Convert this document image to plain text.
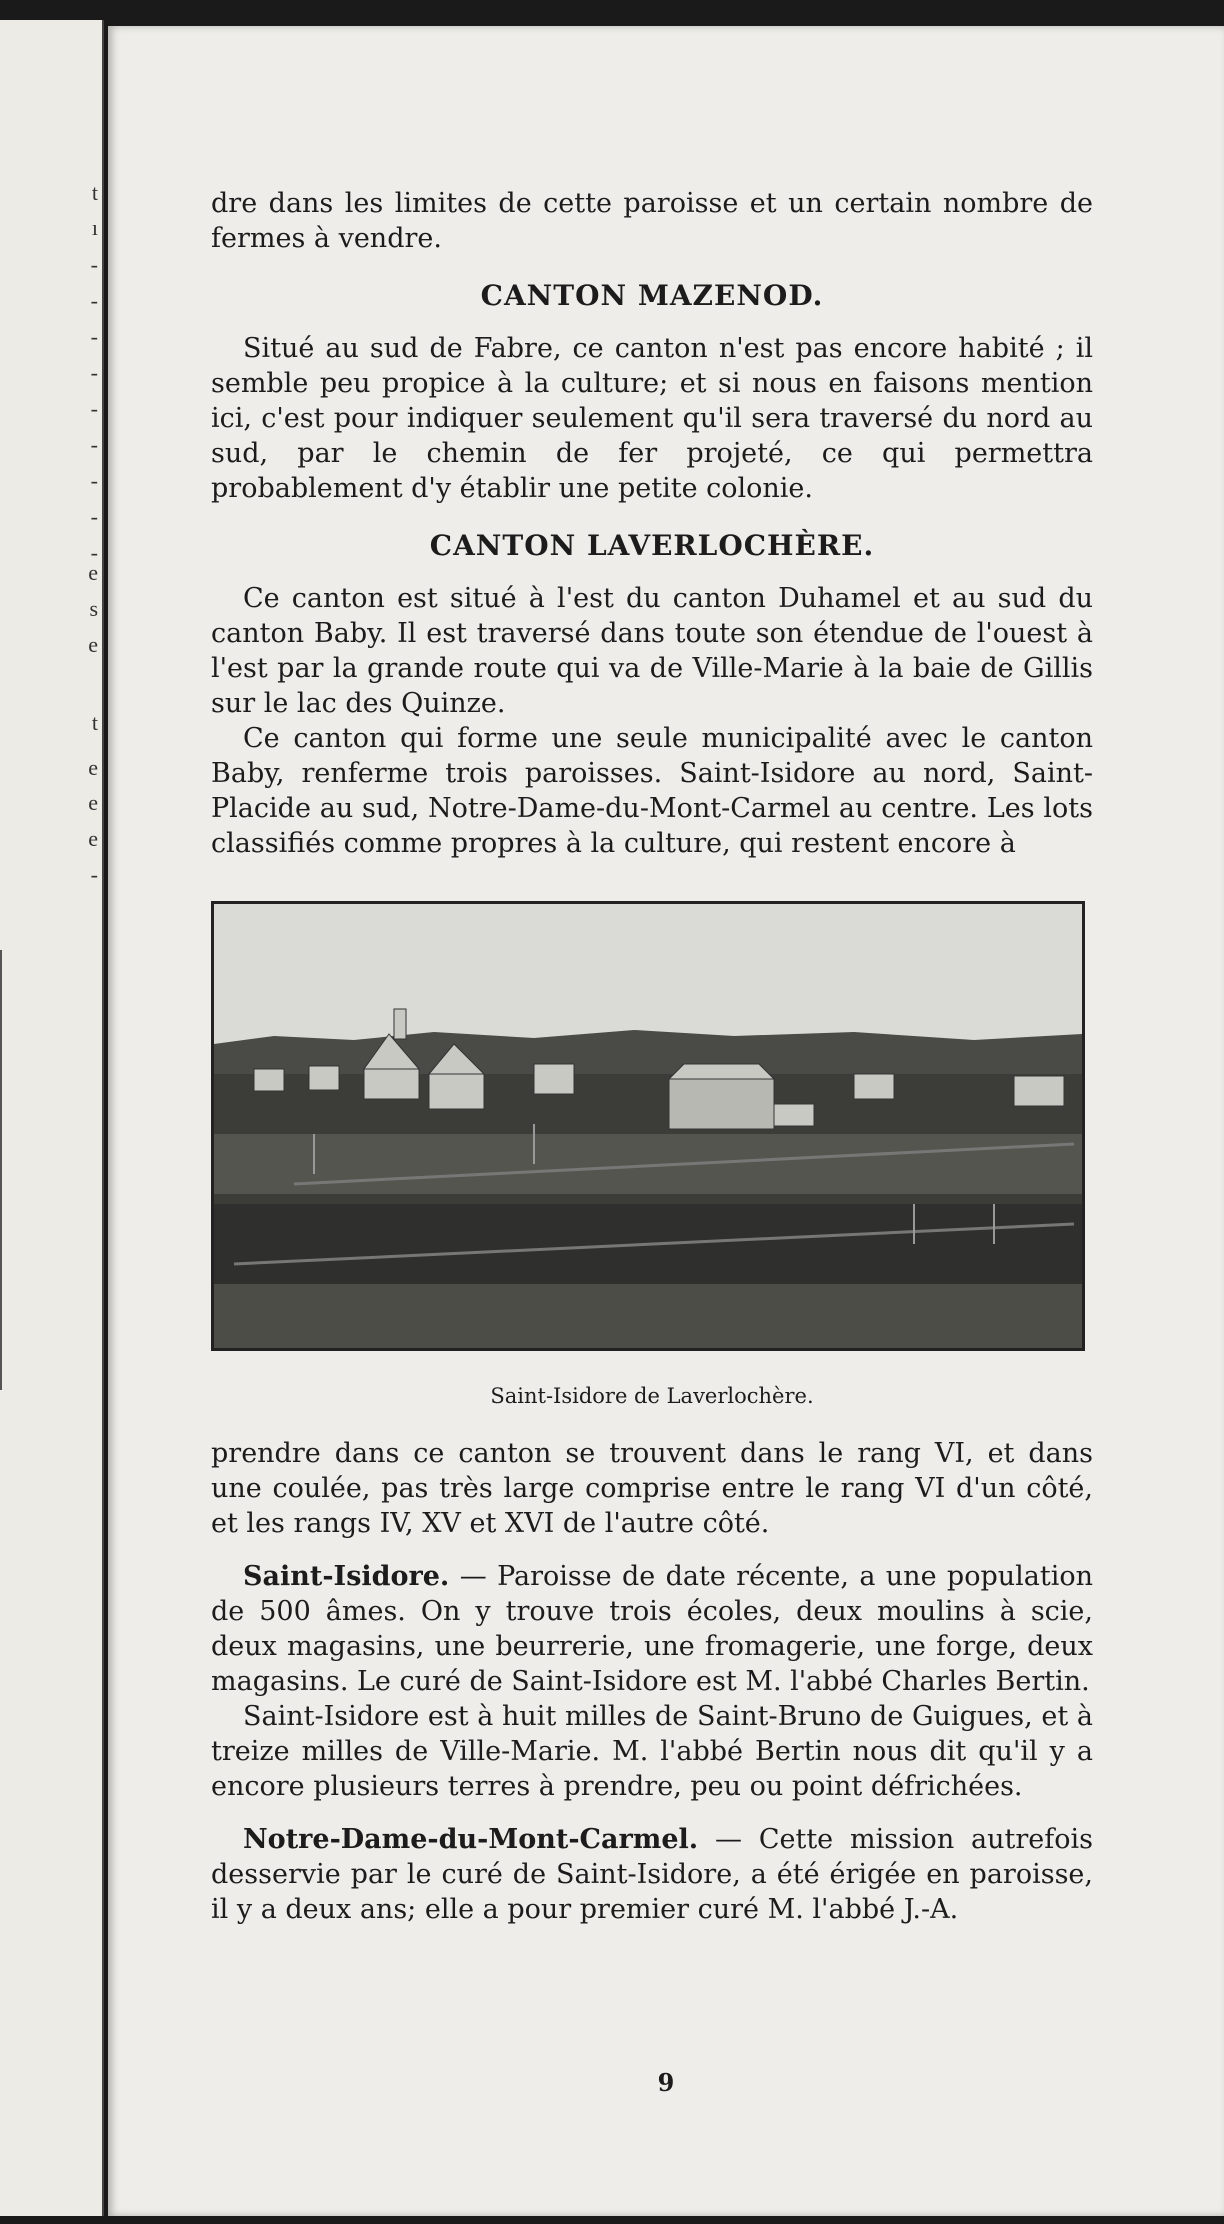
t
ı
-
-
-
-
-
-
-
-
-
e
s
e
t
e
e
e
-

dre dans les limites de cette paroisse et un certain nombre de fermes à vendre.

CANTON MAZENOD.

Situé au sud de Fabre, ce canton n'est pas encore habité ; il semble peu propice à la culture; et si nous en faisons mention ici, c'est pour indiquer seulement qu'il sera traversé du nord au sud, par le chemin de fer projeté, ce qui permettra probablement d'y établir une petite colonie.

CANTON LAVERLOCHÈRE.

Ce canton est situé à l'est du canton Duhamel et au sud du canton Baby. Il est traversé dans toute son étendue de l'ouest à l'est par la grande route qui va de Ville-Marie à la baie de Gillis sur le lac des Quinze.

Ce canton qui forme une seule municipalité avec le canton Baby, renferme trois paroisses. Saint-Isidore au nord, Saint-Placide au sud, Notre-Dame-du-Mont-Carmel au centre. Les lots classifiés comme propres à la culture, qui restent encore à

Saint-Isidore de Laverlochère.

prendre dans ce canton se trouvent dans le rang VI, et dans une coulée, pas très large comprise entre le rang VI d'un côté, et les rangs IV, XV et XVI de l'autre côté.

Saint-Isidore. — Paroisse de date récente, a une population de 500 âmes. On y trouve trois écoles, deux moulins à scie, deux magasins, une beurrerie, une fromagerie, une forge, deux magasins. Le curé de Saint-Isidore est M. l'abbé Charles Bertin.

Saint-Isidore est à huit milles de Saint-Bruno de Guigues, et à treize milles de Ville-Marie. M. l'abbé Bertin nous dit qu'il y a encore plusieurs terres à prendre, peu ou point défrichées.

Notre-Dame-du-Mont-Carmel. — Cette mission autrefois desservie par le curé de Saint-Isidore, a été érigée en paroisse, il y a deux ans; elle a pour premier curé M. l'abbé J.-A.

9
